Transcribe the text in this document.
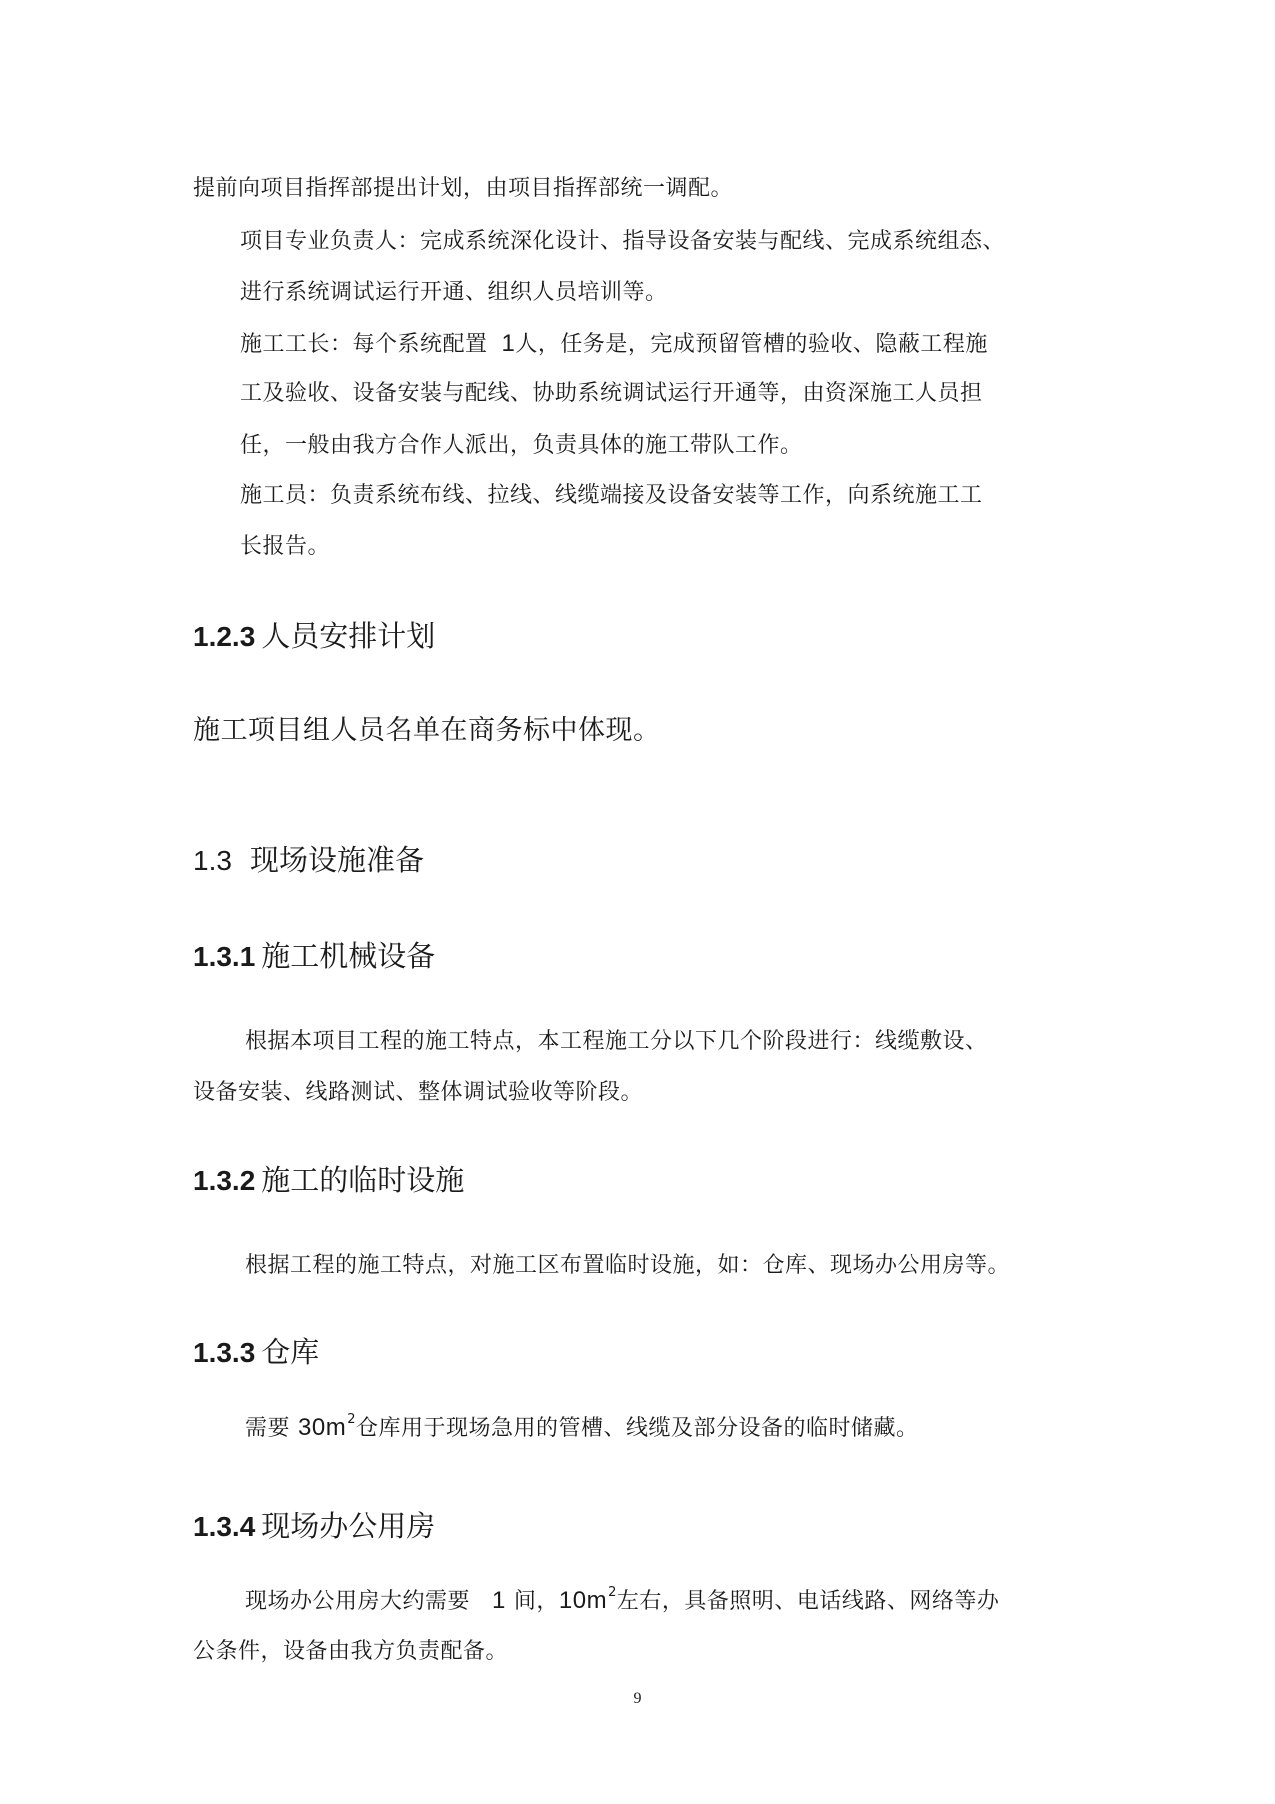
提前向项目指挥部提出计划，由项目指挥部统一调配。

项目专业负责人：完成系统深化设计、指导设备安装与配线、完成系统组态、

进行系统调试运行开通、组织人员培训等。

施工工长：每个系统配置 1人，任务是，完成预留管槽的验收、隐蔽工程施

工及验收、设备安装与配线、协助系统调试运行开通等，由资深施工人员担

任，一般由我方合作人派出，负责具体的施工带队工作。

施工员：负责系统布线、拉线、线缆端接及设备安装等工作，向系统施工工

长报告。

1.2.3 人员安排计划

施工项目组人员名单在商务标中体现。

1.3 现场设施准备
1.3.1 施工机械设备

根据本项目工程的施工特点，本工程施工分以下几个阶段进行：线缆敷设、

设备安装、线路测试、整体调试验收等阶段。

1.3.2 施工的临时设施

根据工程的施工特点，对施工区布置临时设施，如：仓库、现场办公用房等。

1.3.3 仓库

需要 $30m^2$仓库用于现场急用的管槽、线缆及部分设备的临时储藏。

1.3.4 现场办公用房

现场办公用房大约需要 1 间，$10m^2$左右，具备照明、电话线路、网络等办

公条件，设备由我方负责配备。

9
